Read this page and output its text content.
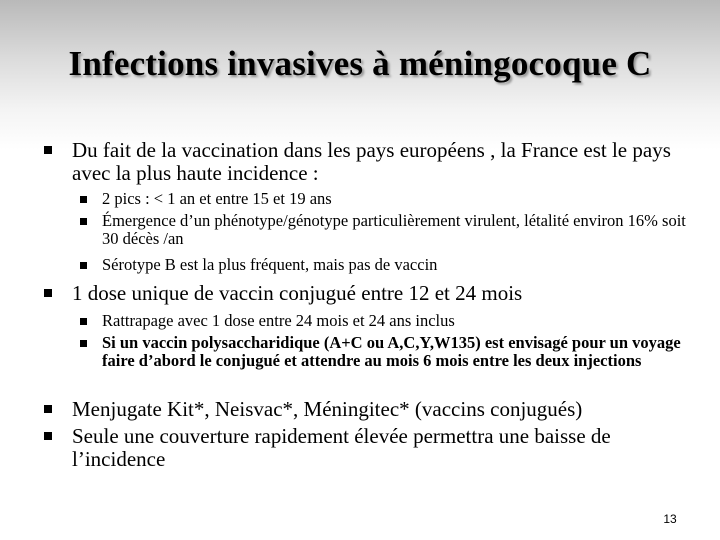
Infections invasives à méningocoque C
Du fait de la vaccination dans les pays européens , la France est le pays avec la plus haute incidence :
2 pics : < 1 an et entre 15 et 19 ans
Émergence d’un phénotype/génotype particulièrement virulent, létalité environ 16% soit 30 décès /an
Sérotype B est la plus fréquent, mais pas de vaccin
1 dose unique de vaccin conjugué entre 12 et 24 mois
Rattrapage avec 1 dose entre 24 mois et 24 ans inclus
Si un vaccin polysaccharidique (A+C ou A,C,Y,W135) est envisagé pour un voyage faire d’abord le conjugué et attendre au mois 6 mois entre les deux injections
Menjugate Kit*, Neisvac*, Méningitec* (vaccins conjugués)
Seule une couverture rapidement élevée permettra une baisse de l’incidence
13
